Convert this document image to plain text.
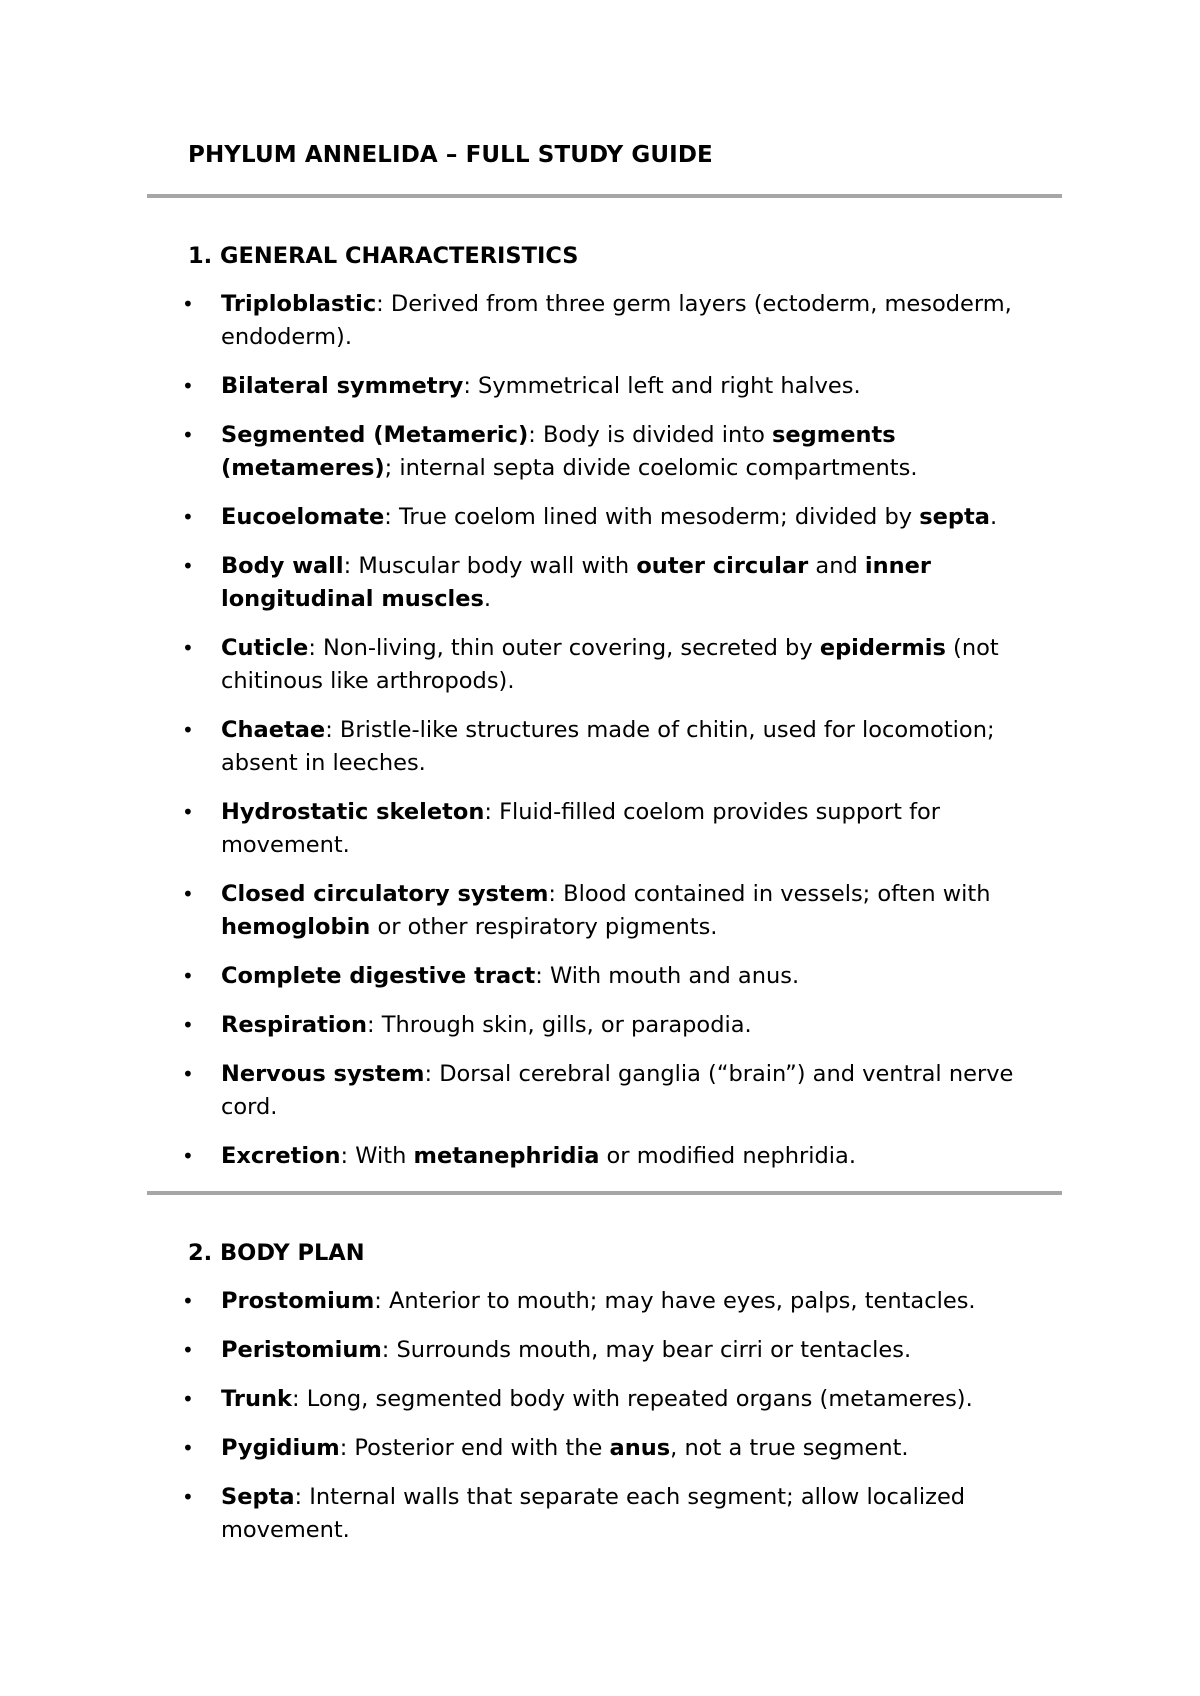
PHYLUM ANNELIDA – FULL STUDY GUIDE
1. GENERAL CHARACTERISTICS
• Triploblastic: Derived from three germ layers (ectoderm, mesoderm, endoderm).
• Bilateral symmetry: Symmetrical left and right halves.
• Segmented (Metameric): Body is divided into segments (metameres); internal septa divide coelomic compartments.
• Eucoelomate: True coelom lined with mesoderm; divided by septa.
• Body wall: Muscular body wall with outer circular and inner longitudinal muscles.
• Cuticle: Non-living, thin outer covering, secreted by epidermis (not chitinous like arthropods).
• Chaetae: Bristle-like structures made of chitin, used for locomotion; absent in leeches.
• Hydrostatic skeleton: Fluid-filled coelom provides support for movement.
• Closed circulatory system: Blood contained in vessels; often with hemoglobin or other respiratory pigments.
• Complete digestive tract: With mouth and anus.
• Respiration: Through skin, gills, or parapodia.
• Nervous system: Dorsal cerebral ganglia (“brain”) and ventral nerve cord.
• Excretion: With metanephridia or modified nephridia.
2. BODY PLAN
• Prostomium: Anterior to mouth; may have eyes, palps, tentacles.
• Peristomium: Surrounds mouth, may bear cirri or tentacles.
• Trunk: Long, segmented body with repeated organs (metameres).
• Pygidium: Posterior end with the anus, not a true segment.
• Septa: Internal walls that separate each segment; allow localized movement.
